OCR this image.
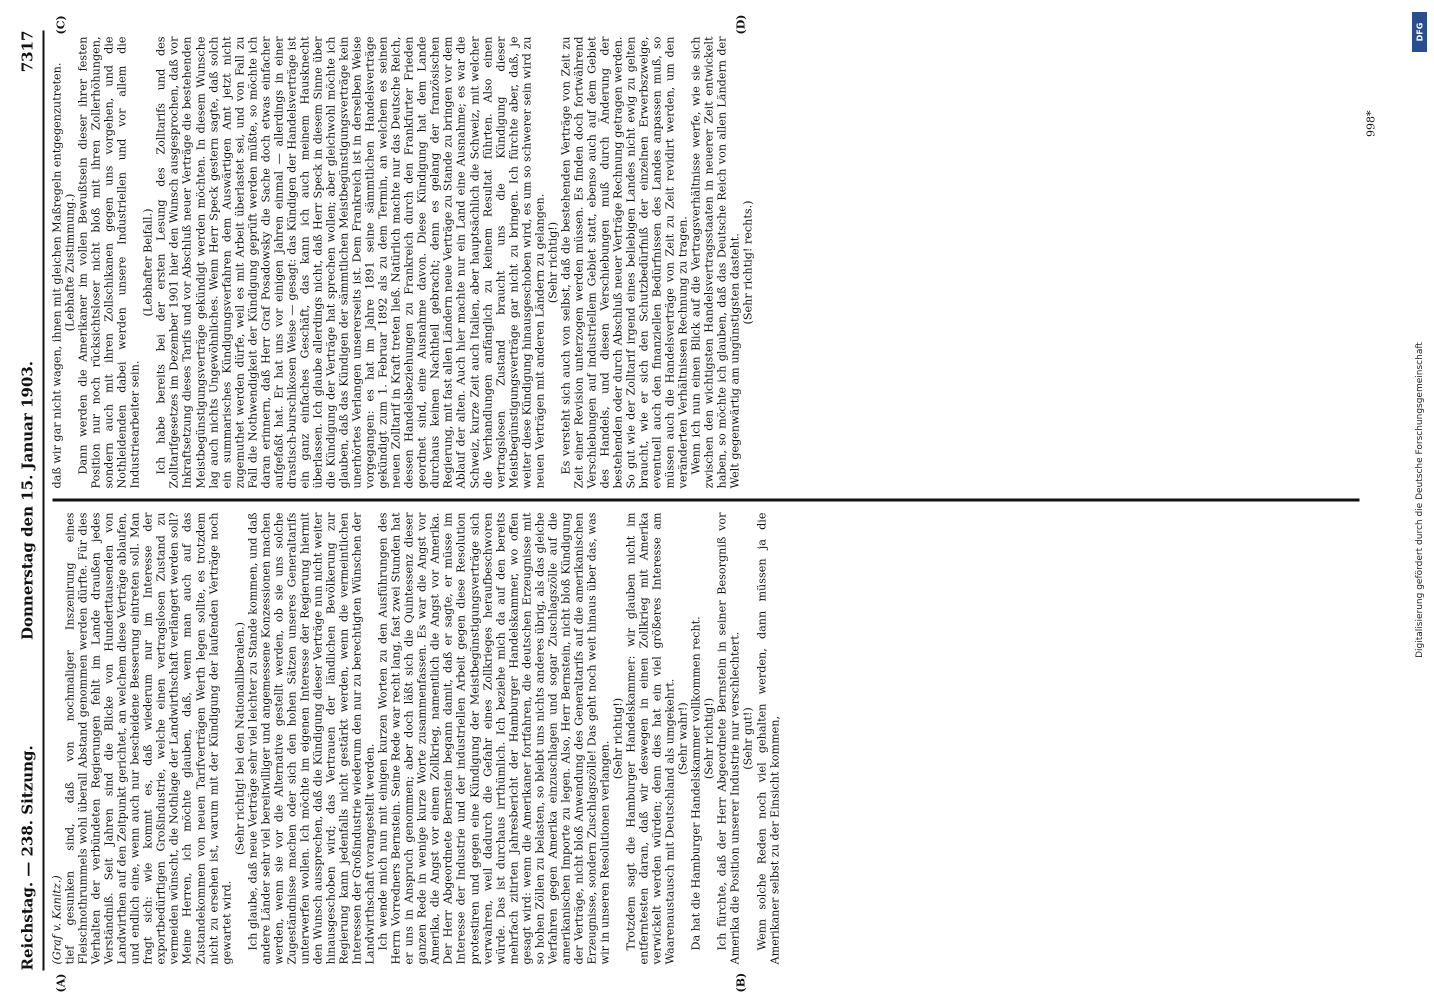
Reichstag. — 238. Sitzung.
Donnerstag den 15. Januar 1903.
7317
(A)	(B)
(C)	(D)

(Graf v. Kanitz.) tief gesunken sind, daß von nochmaliger Inszenirung eines Fleischnothrummels wohl überall Abstand genommen werden dürfte. Für dies Verhalten der verbündeten Regierungen fehlt im Lande draußen jedes Verständniß. Seit Jahren sind die Blicke von Hunderttausenden von Landwirthen auf den Zeitpunkt gerichtet, an welchem diese Verträge ablaufen, und endlich eine, wenn auch nur bescheidene Besserung eintreten soll. Man fragt sich: wie kommt es, daß wiederum nur im Interesse der exportbedürftigen Großindustrie, welche einen vertragslosen Zustand zu vermeiden wünscht, die Nothlage der Landwirthschaft verlängert werden soll? Meine Herren, ich möchte glauben, daß, wenn man auch auf das Zustandekommen von neuen Tarifverträgen Werth legen sollte, es trotzdem nicht zu ersehen ist, warum mit der Kündigung der laufenden Verträge noch gewartet wird.

(Sehr richtig! bei den Nationalliberalen.) Ich glaube, daß neue Verträge sehr viel leichter zu Stande kommen, und daß andere Länder sehr viel bereitwilliger und angemessene Konzessionen machen werden, wenn sie vor die Alternative gestellt werden, ob sie uns solche Zugeständnisse machen oder sich den hohen Sätzen unseres Generaltarifs unterwerfen wollen. Ich möchte im eigenen Interesse der Regierung hiermit den Wunsch aussprechen, daß die Kündigung dieser Verträge nun nicht weiter hinausgeschoben wird; das Vertrauen der ländlichen Bevölkerung zur Regierung kann jedenfalls nicht gestärkt werden, wenn die vermeintlichen Interessen der Großindustrie wiederum den nur zu berechtigten Wünschen der Landwirthschaft vorangestellt werden. Ich wende mich nun mit einigen kurzen Worten zu den Ausführungen des Herrn Vorredners Bernstein. Seine Rede war recht lang, fast zwei Stunden hat er uns in Anspruch genommen; aber doch läßt sich die Quintessenz dieser ganzen Rede in wenige kurze Worte zusammenfassen. Es war die Angst vor Amerika, die Angst vor einem Zollkrieg, namentlich die Angst vor Amerika. Der Herr Abgeordnete Bernstein begann damit, daß er sagte, er müsse im Interesse der Industrie und der industriellen Arbeit gegen diese Resolution protestiren und gegen eine Kündigung der Meistbegünstigungsverträge sich verwahren, weil dadurch die Gefahr eines Zollkrieges heraufbeschworen würde. Das ist durchaus irrthümlich. Ich beziehe mich da auf den bereits mehrfach zitirten Jahresbericht der Hamburger Handelskammer, wo offen gesagt wird: wenn die Amerikaner fortfahren, die deutschen Erzeugnisse mit so hohen Zöllen zu belasten, so bleibt uns nichts anderes übrig, als das gleiche Verfahren gegen Amerika einzuschlagen und sogar Zuschlagszölle auf die amerikanischen Importe zu legen. Also, Herr Bernstein, nicht bloß Kündigung der Verträge, nicht bloß Anwendung des Generaltarifs auf die amerikanischen Erzeugnisse, sondern Zuschlagszölle! Das geht noch weit hinaus über das, was wir in unseren Resolutionen verlangen.

(Sehr richtig!) Trotzdem sagt die Hamburger Handelskammer: wir glauben nicht im entferntesten daran, daß wir deswegen in einen Zollkrieg mit Amerika verwickelt werden würden; denn dies hat ein viel größeres Interesse am Waarenaustausch mit Deutschland als umgekehrt. (Sehr wahr!) Da hat die Hamburger Handelskammer vollkommen recht. (Sehr richtig!) Ich fürchte, daß der Herr Abgeordnete Bernstein in seiner Besorgniß vor Amerika die Position unserer Industrie nur verschlechtert. (Sehr gut!) Wenn solche Reden noch viel gehalten werden, dann müssen ja die Amerikaner selbst zu der Einsicht kommen,

daß wir gar nicht wagen, ihnen mit gleichen Maßregeln entgegenzutreten. (Lebhafte Zustimmung.) Dann werden die Amerikaner im vollen Bewußtsein dieser ihrer festen Position nur noch rücksichtsloser nicht bloß mit ihren Zollerhöhungen, sondern auch mit ihren Zollschikanen gegen uns vorgehen, und die Nothleidenden dabei werden unsere Industriellen und vor allem die Industriearbeiter sein.

(Lebhafter Beifall.) Ich habe bereits bei der ersten Lesung des Zolltarifs und des Zolltarifgesetzes im Dezember 1901 hier den Wunsch ausgesprochen, daß vor Inkraftsetzung dieses Tarifs und vor Abschluß neuer Verträge die bestehenden Meistbegünstigungsverträge gekündigt werden möchten. In diesem Wunsche lag auch nichts Ungewöhnliches. Wenn Herr Speck gestern sagte, daß solch ein summarisches Kündigungsverfahren dem Auswärtigen Amt jetzt nicht zugemuthet werden dürfe, weil es mit Arbeit überlastet sei, und von Fall zu Fall die Nothwendigkeit der Kündigung geprüft werden müßte, so möchte ich daran erinnern, daß Herr Graf Posadowsky die Sache doch etwas einfacher aufgefaßt hat. Er hat uns vor einigen Jahren einmal — allerdings in einer drastisch-burschikosen Weise — gesagt: das Kündigen der Handelsverträge ist ein ganz einfaches Geschäft, das kann ich auch meinem Hausknecht überlassen. Ich glaube allerdings nicht, daß Herr Speck in diesem Sinne über die Kündigung der Verträge hat sprechen wollen; aber gleichwohl möchte ich glauben, daß das Kündigen der sämmtlichen Meistbegünstigungsverträge kein unerhörtes Verlangen unsererseits ist. Dem Frankreich ist in derselben Weise vorgegangen: es hat im Jahre 1891 seine sämmtlichen Handelsverträge gekündigt zum 1. Februar 1892 als zu dem Termin, an welchem es seinen neuen Zolltarif in Kraft treten ließ. Natürlich machte nur das Deutsche Reich, dessen Handelsbeziehungen zu Frankreich durch den Frankfurter Frieden geordnet sind, eine Ausnahme davon. Diese Kündigung hat dem Lande durchaus keinen Nachtheil gebracht; denn es gelang der französischen Regierung, mit fast allen Ländern neue Verträge zu Stande zu bringen vor dem Ablauf der alten. Auch hier machte nur ein Land eine Ausnahme; es war die Schweiz, kurze Zeit auch Italien, aber hauptsächlich die Schweiz, mit welcher die Verhandlungen anfänglich zu keinem Resultat führten. Also einen vertragslosen Zustand braucht uns die Kündigung dieser Meistbegünstigungsverträge gar nicht zu bringen. Ich fürchte aber, daß, je weiter diese Kündigung hinausgeschoben wird, es um so schwerer sein wird zu neuen Verträgen mit anderen Ländern zu gelangen. (Sehr richtig!) Es versteht sich auch von selbst, daß die bestehenden Verträge von Zeit zu Zeit einer Revision unterzogen werden müssen. Es finden doch fortwährend Verschiebungen auf industriellem Gebiet statt, ebenso auch auf dem Gebiet des Handels, und diesen Verschiebungen muß durch Änderung der bestehenden oder durch Abschluß neuer Verträge Rechnung getragen werden. So gut wie der Zolltarif irgend eines beliebigen Landes nicht ewig zu gelten braucht, wie er sich den Schutzbedürfniß der einzelnen Erwerbszweige, eventuell auch den finanziellen Bedürfnissen des Landes anpassen muß, so müssen auch die Handelsverträge von Zeit zu Zeit revidirt werden, um den veränderten Verhältnissen Rechnung zu tragen. Wenn ich nun einen Blick auf die Vertragsverhältnisse werfe, wie sie sich zwischen den wichtigsten Handelsvertragsstaaten in neuerer Zeit entwickelt haben, so möchte ich glauben, daß das Deutsche Reich von allen Ländern der Welt gegenwärtig am ungünstigsten dasteht. (Sehr richtig! rechts.)

998*
DFG
Digitalisierung gefördert durch die Deutsche Forschungsgemeinschaft
